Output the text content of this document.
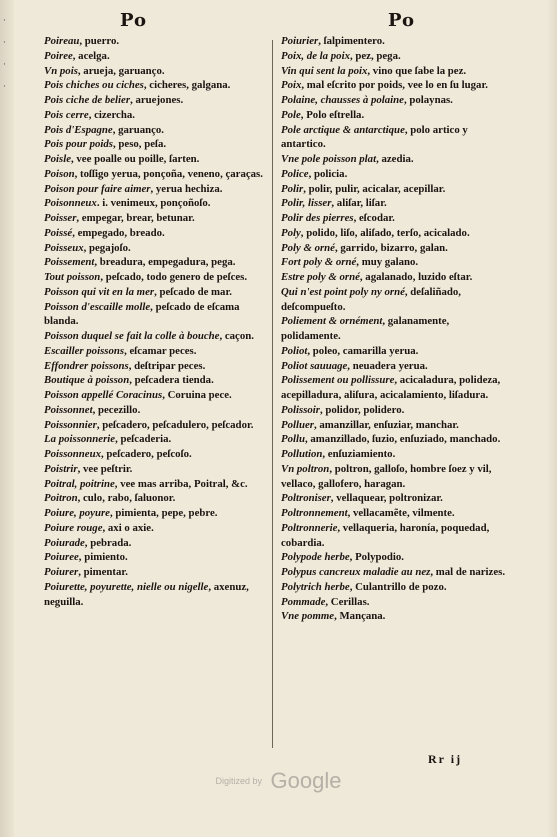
·
·
·
·
Po	Po
Poireau, puerro.
Poiree, acelga.
Vn pois, arueja, garuanço.
Pois chiches ou ciches, cicheres, galgana.
Pois ciche de belier, aruejones.
Pois cerre, cizercha.
Pois d'Espagne, garuanço.
Pois pour poids, peso, peſa.
Poisle, vee poalle ou poille, ſarten.
Poison, toſſigo yerua, ponçoña, veneno, çaraças.
Poison pour faire aimer, yerua hechiza.
Poisonneux. i. venimeux, ponçoñoſo.
Poisser, empegar, brear, betunar.
Poissé, empegado, breado.
Poisseux, pegajoſo.
Poissement, breadura, empegadura, pega.
Tout poisson, peſcado, todo genero de peſces.
Poisson qui vit en la mer, peſcado de mar.
Poisson d'escaille molle, peſcado de eſcama blanda.
Poisson duquel se fait la colle à bouche, caçon.
Escailler poissons, eſcamar peces.
Effondrer poissons, deſtripar peces.
Boutique à poisson, peſcadera tienda.
Poisson appellé Coracinus, Coruina pece.
Poissonnet, pecezillo.
Poissonnier, peſcadero, peſcadulero, peſcador.
La poissonnerie, peſcaderia.
Poissonneux, peſcadero, peſcoſo.
Poistrir, vee peſtrir.
Poitral, poitrine, vee mas arriba, Poitral, &c.
Poitron, culo, rabo, ſaluonor.
Poiure, poyure, pimienta, pepe, pebre.
Poiure rouge, axi o axie.
Poiurade, pebrada.
Poiuree, pimiento.
Poiurer, pimentar.
Poiurette, poyurette, nielle ou nigelle, axenuz, neguilla.
Poiurier, ſalpimentero.
Poix, de la poix, pez, pega.
Vin qui sent la poix, vino que ſabe la pez.
Poix, mal eſcrito por poids, vee lo en ſu lugar.
Polaine, chausses à polaine, polaynas.
Pole, Polo eſtrella.
Pole arctique & antarctique, polo artico y antartico.
Vne pole poisson plat, azedia.
Police, policia.
Polir, polir, pulir, acicalar, acepillar.
Polir, lisser, aliſar, liſar.
Polir des pierres, eſcodar.
Poly, polido, liſo, aliſado, terſo, acicalado.
Poly & orné, garrido, bizarro, galan.
Fort poly & orné, muy galano.
Estre poly & orné, agalanado, luzido eſtar.
Qui n'est point poly ny orné, deſaliñado, deſcompueſto.
Poliement & ornément, galanamente, polidamente.
Poliot, poleo, camarilla yerua.
Poliot sauuage, neuadera yerua.
Polissement ou pollissure, acicaladura, polideza, acepilladura, aliſura, acicalamiento, liſadura.
Polissoir, polidor, polidero.
Polluer, amanzillar, enſuziar, manchar.
Pollu, amanzillado, ſuzio, enſuziado, manchado.
Pollution, enſuziamiento.
Vn poltron, poltron, galloſo, hombre ſoez y vil, vellaco, gallofero, haragan.
Poltroniser, vellaquear, poltronizar.
Poltronnement, vellacamẽte, vilmente.
Poltronnerie, vellaqueria, haronía, poquedad, cobardia.
Polypode herbe, Polypodio.
Polypus cancreux maladie au nez, mal de narizes.
Polytrich herbe, Culantrillo de pozo.
Pommade, Cerillas.
Vne pomme, Mançana.
Rr ij
Digitized by Google
